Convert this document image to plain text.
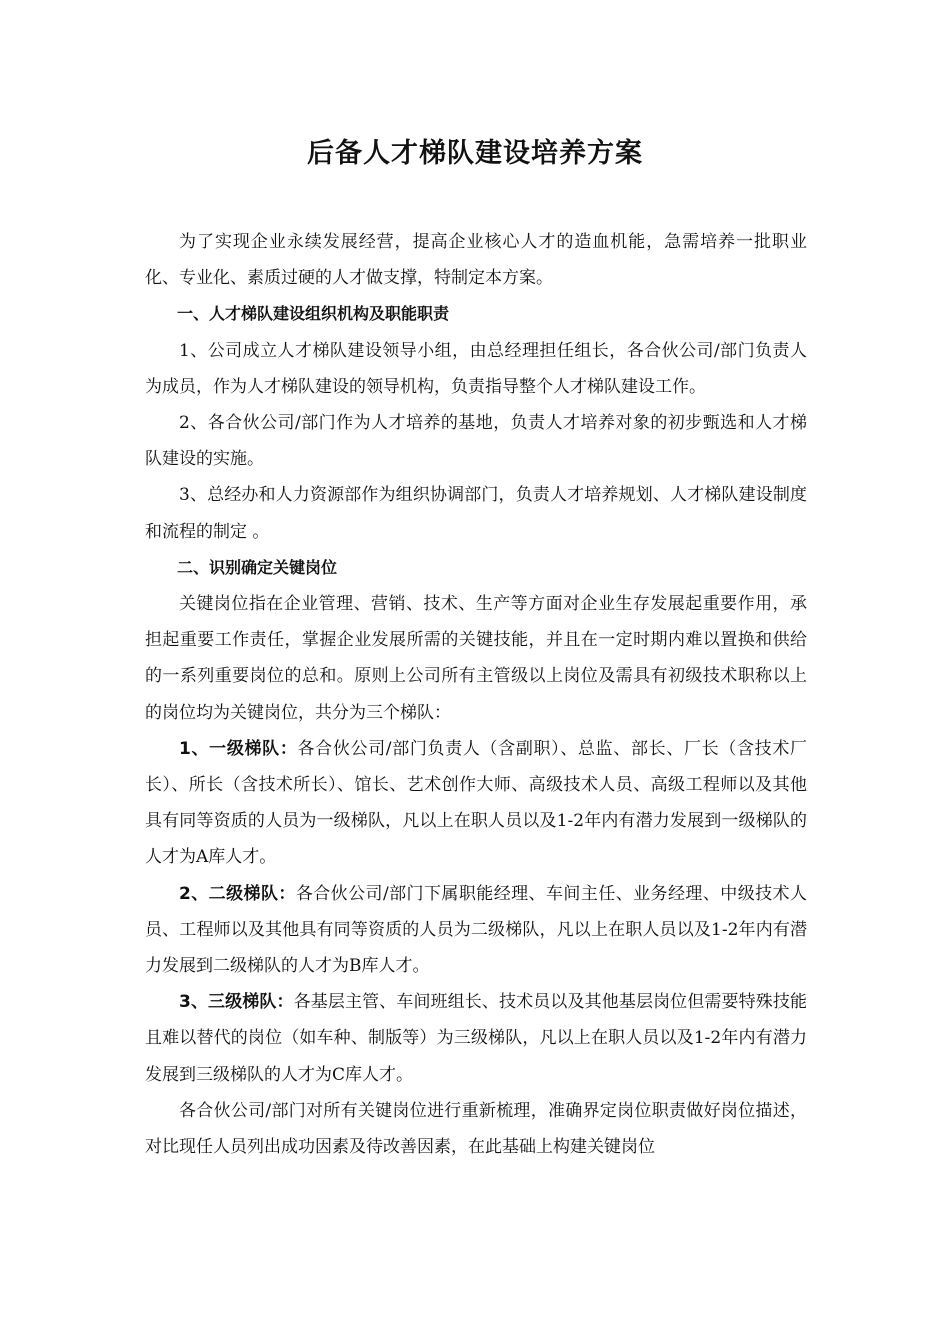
后备人才梯队建设培养方案

为了实现企业永续发展经营，提高企业核心人才的造血机能，急需培养一批职业化、专业化、素质过硬的人才做支撑，特制定本方案。

一、人才梯队建设组织机构及职能职责

1、公司成立人才梯队建设领导小组，由总经理担任组长，各合伙公司/部门负责人为成员，作为人才梯队建设的领导机构，负责指导整个人才梯队建设工作。

2、各合伙公司/部门作为人才培养的基地，负责人才培养对象的初步甄选和人才梯队建设的实施。

3、总经办和人力资源部作为组织协调部门，负责人才培养规划、人才梯队建设制度和流程的制定 。

二、识别确定关键岗位

关键岗位指在企业管理、营销、技术、生产等方面对企业生存发展起重要作用，承担起重要工作责任，掌握企业发展所需的关键技能，并且在一定时期内难以置换和供给的一系列重要岗位的总和。原则上公司所有主管级以上岗位及需具有初级技术职称以上的岗位均为关键岗位，共分为三个梯队：

1、一级梯队：各合伙公司/部门负责人（含副职）、总监、部长、厂长（含技术厂长）、所长（含技术所长）、馆长、艺术创作大师、高级技术人员、高级工程师以及其他具有同等资质的人员为一级梯队，凡以上在职人员以及1-2年内有潜力发展到一级梯队的人才为A库人才。

2、二级梯队：各合伙公司/部门下属职能经理、车间主任、业务经理、中级技术人员、工程师以及其他具有同等资质的人员为二级梯队，凡以上在职人员以及1-2年内有潜力发展到二级梯队的人才为B库人才。

3、三级梯队：各基层主管、车间班组长、技术员以及其他基层岗位但需要特殊技能且难以替代的岗位（如车种、制版等）为三级梯队，凡以上在职人员以及1-2年内有潜力发展到三级梯队的人才为C库人才。

各合伙公司/部门对所有关键岗位进行重新梳理，准确界定岗位职责做好岗位描述，对比现任人员列出成功因素及待改善因素，在此基础上构建关键岗位
